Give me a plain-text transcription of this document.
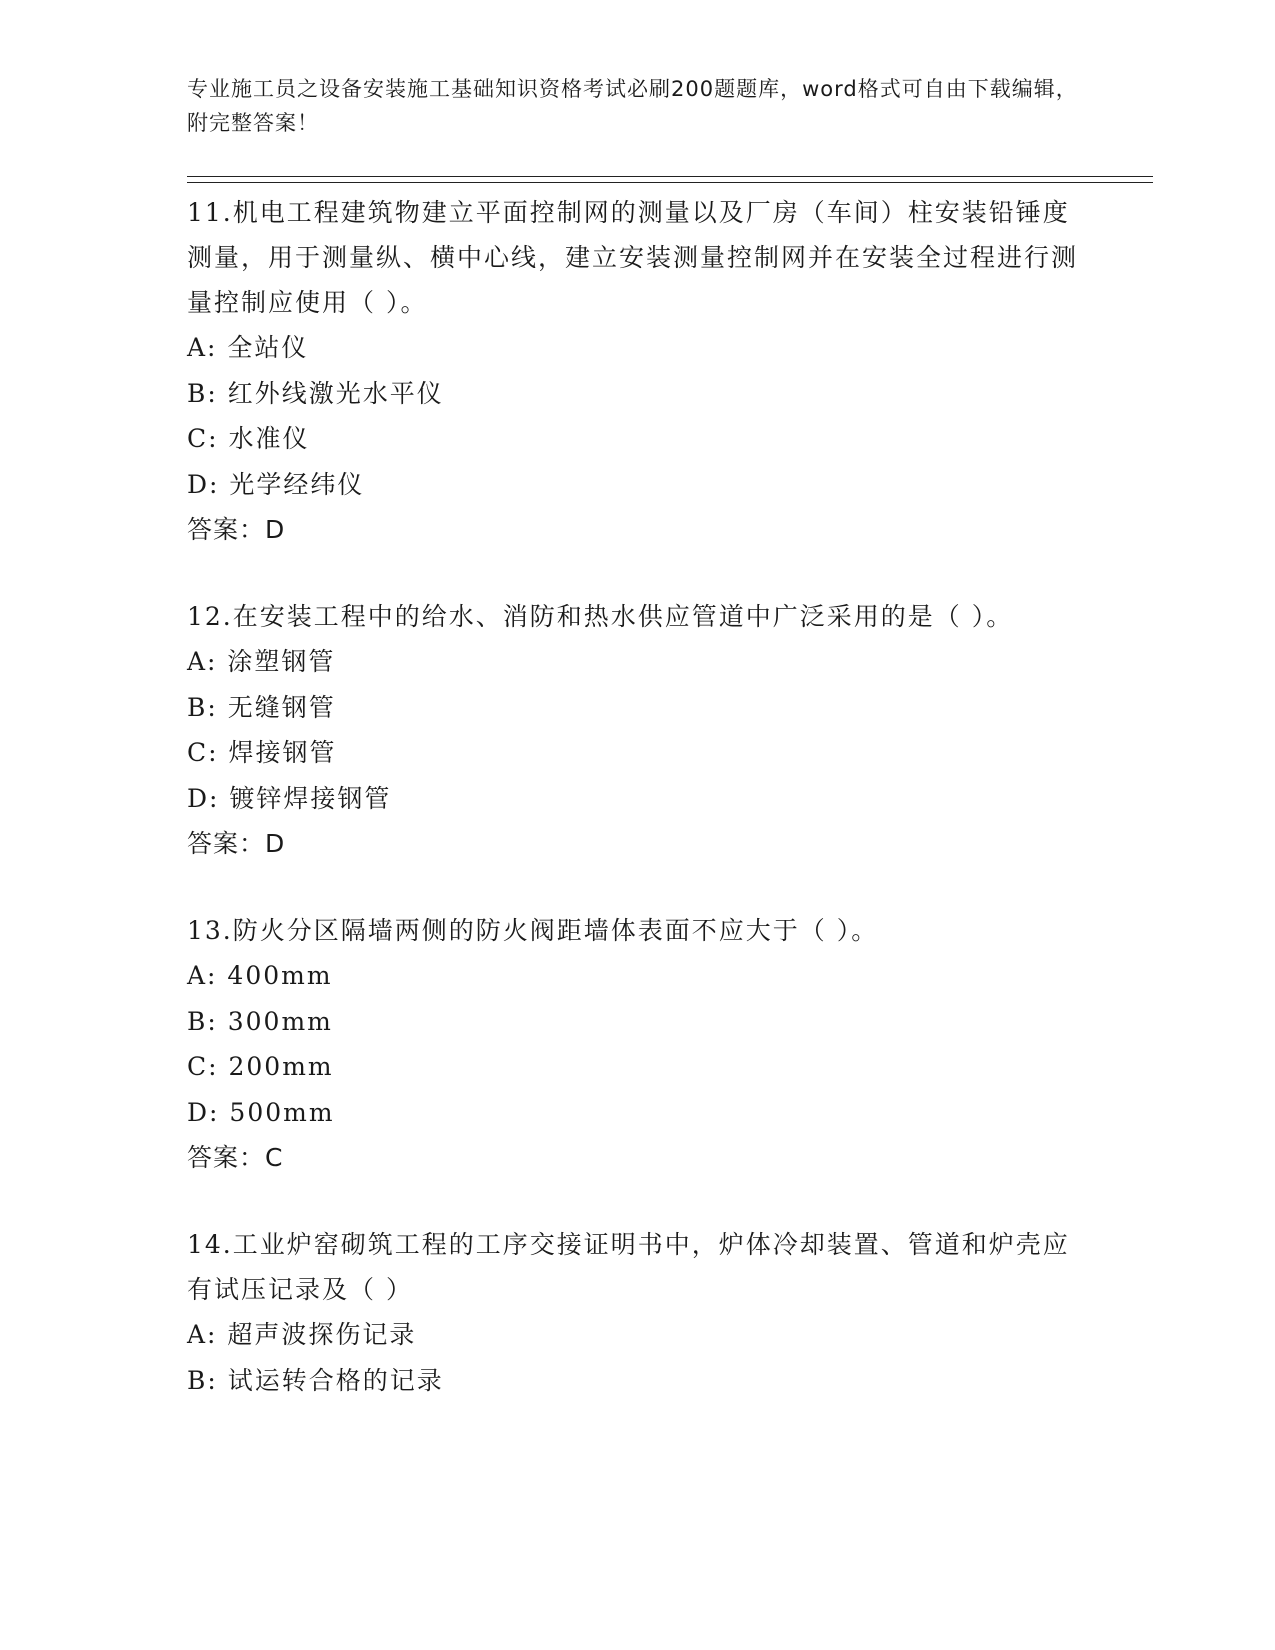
专业施工员之设备安装施工基础知识资格考试必刷200题题库，word格式可自由下载编辑，附完整答案！

11.机电工程建筑物建立平面控制网的测量以及厂房（车间）柱安装铅锤度测量，用于测量纵、横中心线，建立安装测量控制网并在安装全过程进行测量控制应使用（ ）。

A: 全站仪

B: 红外线激光水平仪

C: 水准仪

D: 光学经纬仪

答案：D

12.在安装工程中的给水、消防和热水供应管道中广泛采用的是（ ）。

A: 涂塑钢管

B: 无缝钢管

C: 焊接钢管

D: 镀锌焊接钢管

答案：D

13.防火分区隔墙两侧的防火阀距墙体表面不应大于（ ）。

A: 400mm

B: 300mm

C: 200mm

D: 500mm

答案：C

14.工业炉窑砌筑工程的工序交接证明书中，炉体冷却装置、管道和炉壳应有试压记录及（ ）

A: 超声波探伤记录

B: 试运转合格的记录
